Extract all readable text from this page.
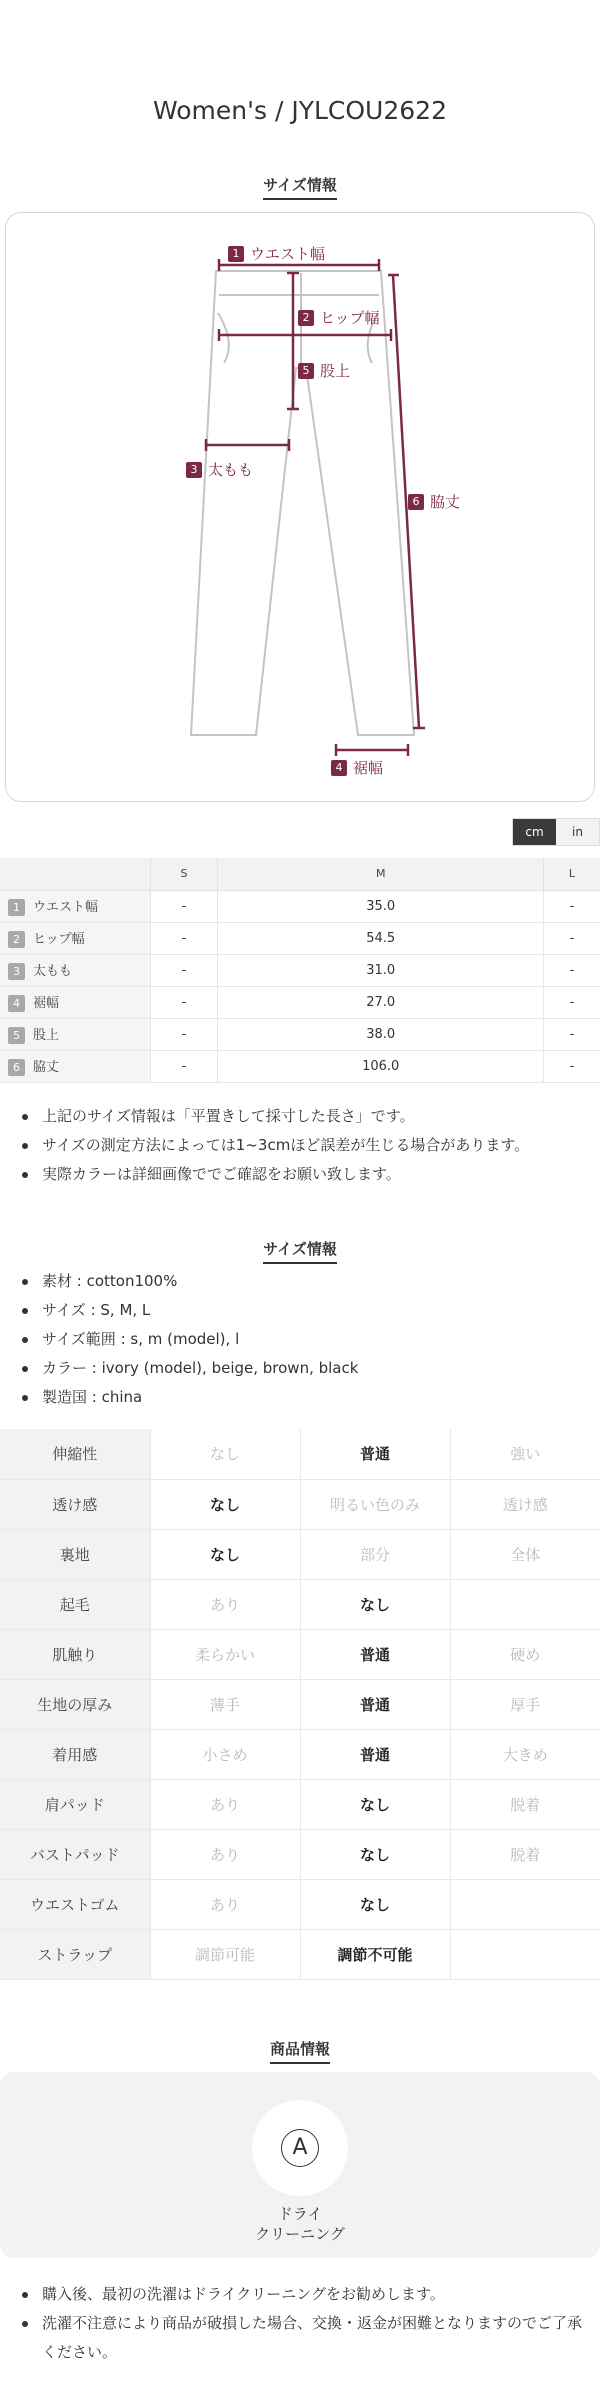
Women's / JYLCOU2622
サイズ情報
1 ウエスト幅
2 ヒップ幅
5 股上
3 太もも
6 脇丈
4 裾幅
cm	in
	S	M	L
1 ウエスト幅	-	35.0	-
2 ヒップ幅	-	54.5	-
3 太もも	-	31.0	-
4 裾幅	-	27.0	-
5 股上	-	38.0	-
6 脇丈	-	106.0	-
上記のサイズ情報は「平置きして採寸した長さ」です。
サイズの測定方法によっては1~3cmほど誤差が生じる場合があります。
実際カラーは詳細画像ででご確認をお願い致します。
サイズ情報
素材 : cotton100%
サイズ : S, M, L
サイズ範囲 : s, m (model), l
カラー : ivory (model), beige, brown, black
製造国 : china
伸縮性	なし	普通	強い
透け感	なし	明るい色のみ	透け感
裏地	なし	部分	全体
起毛	あり	なし	
肌触り	柔らかい	普通	硬め
生地の厚み	薄手	普通	厚手
着用感	小さめ	普通	大きめ
肩パッド	あり	なし	脱着
バストパッド	あり	なし	脱着
ウエストゴム	あり	なし	
ストラップ	調節可能	調節不可能	
商品情報
A
ドライ
クリーニング
購入後、最初の洗濯はドライクリーニングをお勧めします。
洗濯不注意により商品が破損した場合、交換・返金が困難となりますのでご了承ください。
